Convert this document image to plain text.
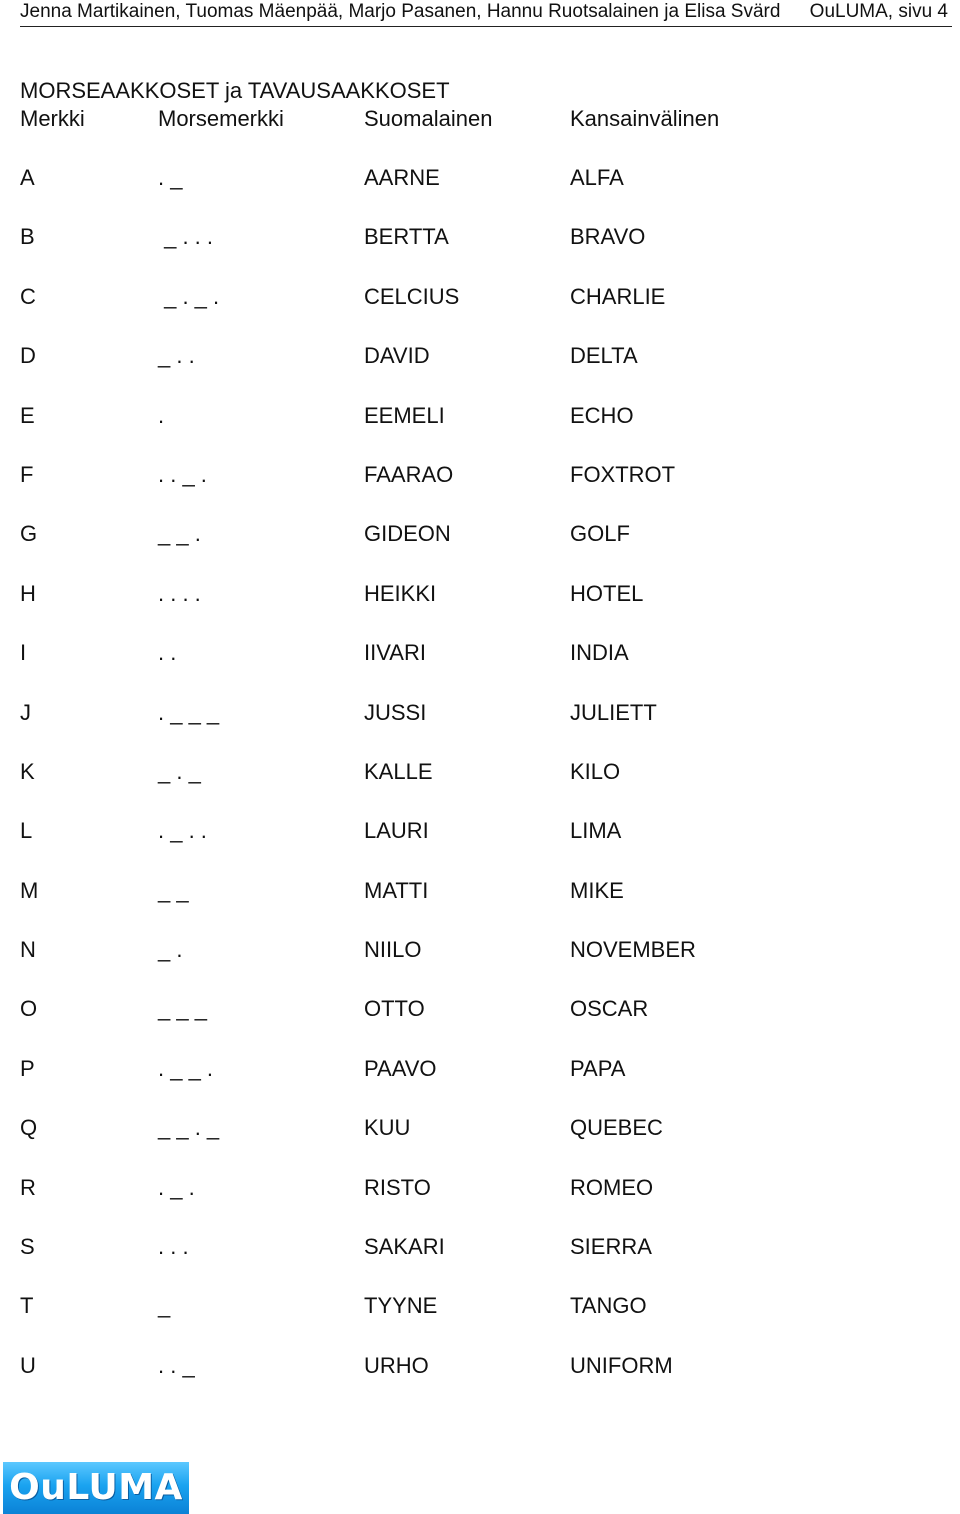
Jenna Martikainen, Tuomas Mäenpää, Marjo Pasanen, Hannu Ruotsalainen ja Elisa Svärd OuLUMA, sivu 4
MORSEAAKKOSET ja TAVAUSAAKKOSET
Merkki	Morsemerkki	Suomalainen	Kansainvälinen
A	. _	AARNE	ALFA
B	_ . . .	BERTTA	BRAVO
C	_ . _ .	CELCIUS	CHARLIE
D	_ . .	DAVID	DELTA
E	.	EEMELI	ECHO
F	. . _ .	FAARAO	FOXTROT
G	_ _ .	GIDEON	GOLF
H	. . . .	HEIKKI	HOTEL
I	. .	IIVARI	INDIA
J	. _ _ _	JUSSI	JULIETT
K	_ . _	KALLE	KILO
L	. _ . .	LAURI	LIMA
M	_ _	MATTI	MIKE
N	_ .	NIILO	NOVEMBER
O	_ _ _	OTTO	OSCAR
P	. _ _ .	PAAVO	PAPA
Q	_ _ . _	KUU	QUEBEC
R	. _ .	RISTO	ROMEO
S	. . .	SAKARI	SIERRA
T	_	TYYNE	TANGO
U	. . _	URHO	UNIFORM
OuLUMA
